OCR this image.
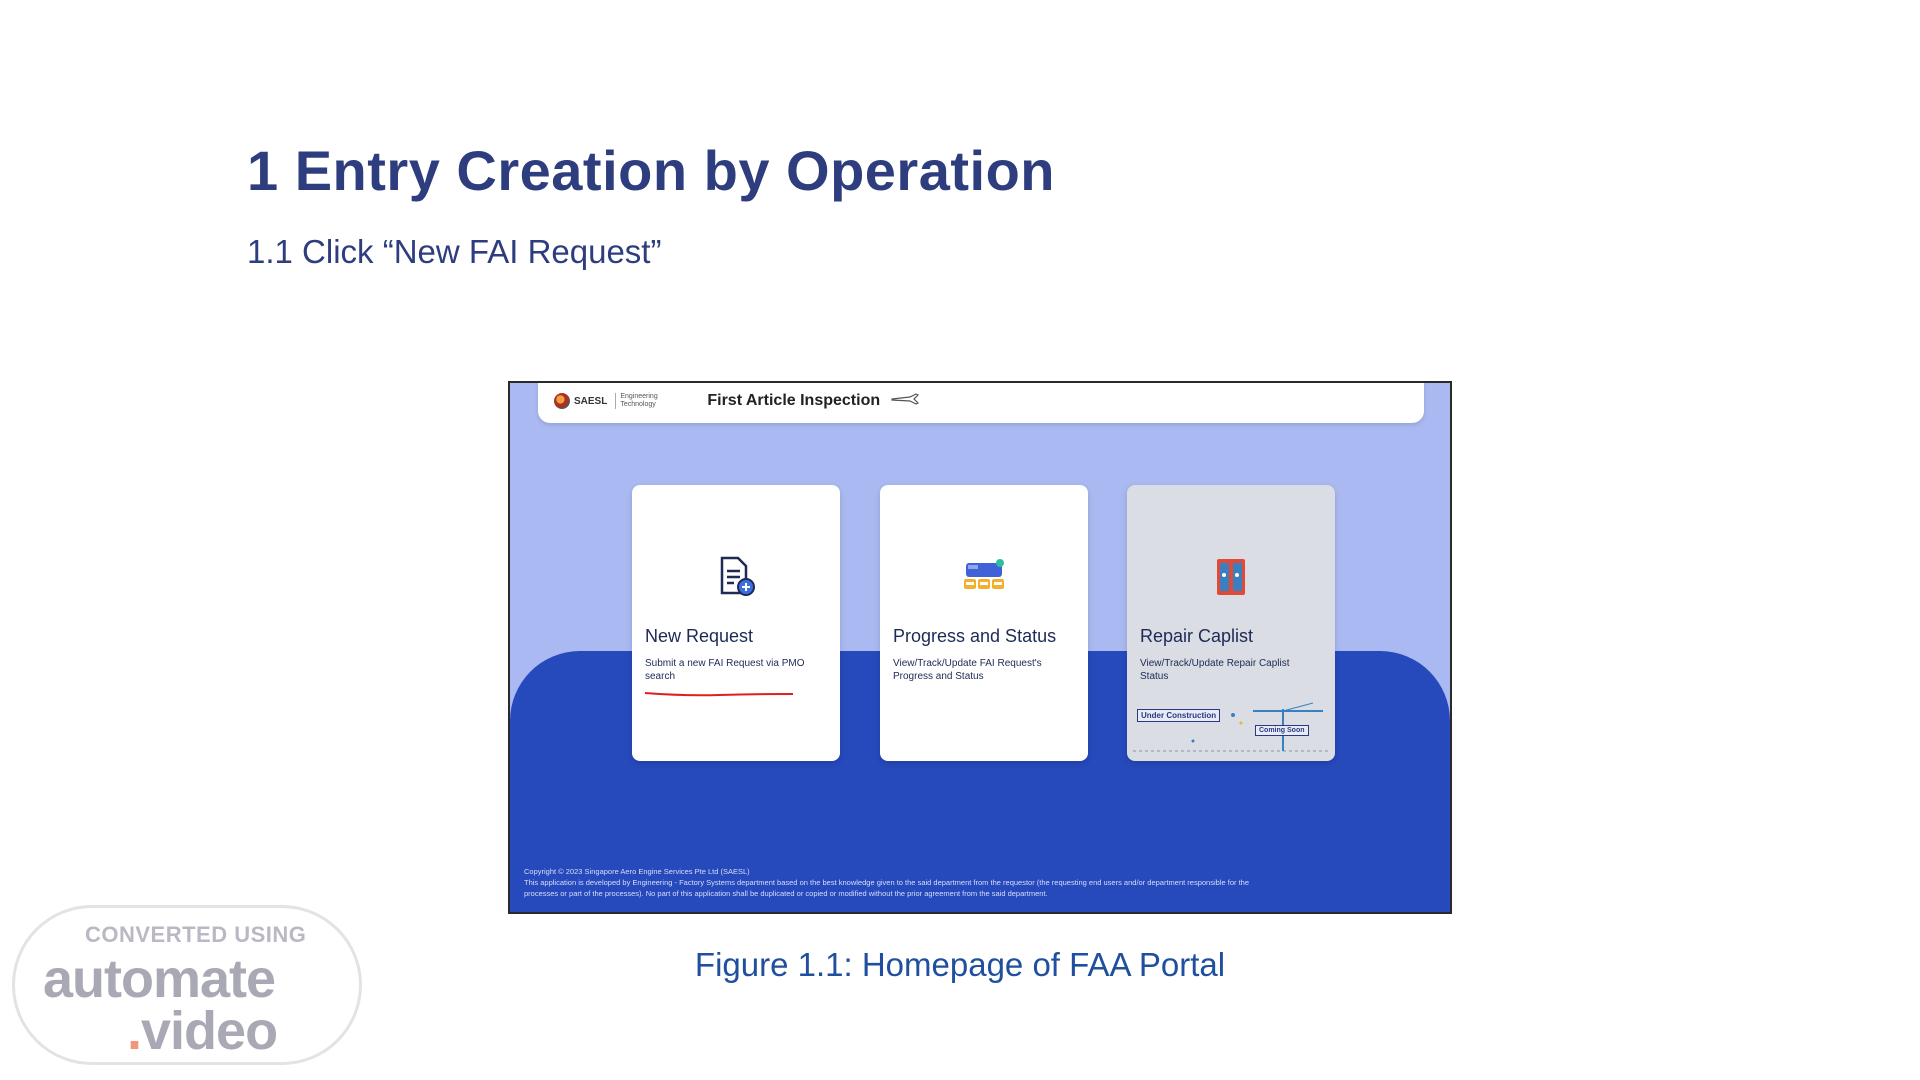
1 Entry Creation by Operation
1.1 Click “New FAI Request”
SAESL	Engineering Technology	First Article Inspection
New Request
Submit a new FAI Request via PMO search
Progress and Status
View/Track/Update FAI Request's Progress and Status
Repair Caplist
View/Track/Update Repair Caplist Status
Under Construction
Coming Soon
Copyright © 2023 Singapore Aero Engine Services Pte Ltd (SAESL)
This application is developed by Engineering - Factory Systems department based on the best knowledge given to the said department from the requestor (the requesting end users and/or department responsible for the
processes or part of the processes). No part of this application shall be duplicated or copied or modified without the prior agreement from the said department.
Figure 1.1: Homepage of FAA Portal
CONVERTED USING
automate
.video
